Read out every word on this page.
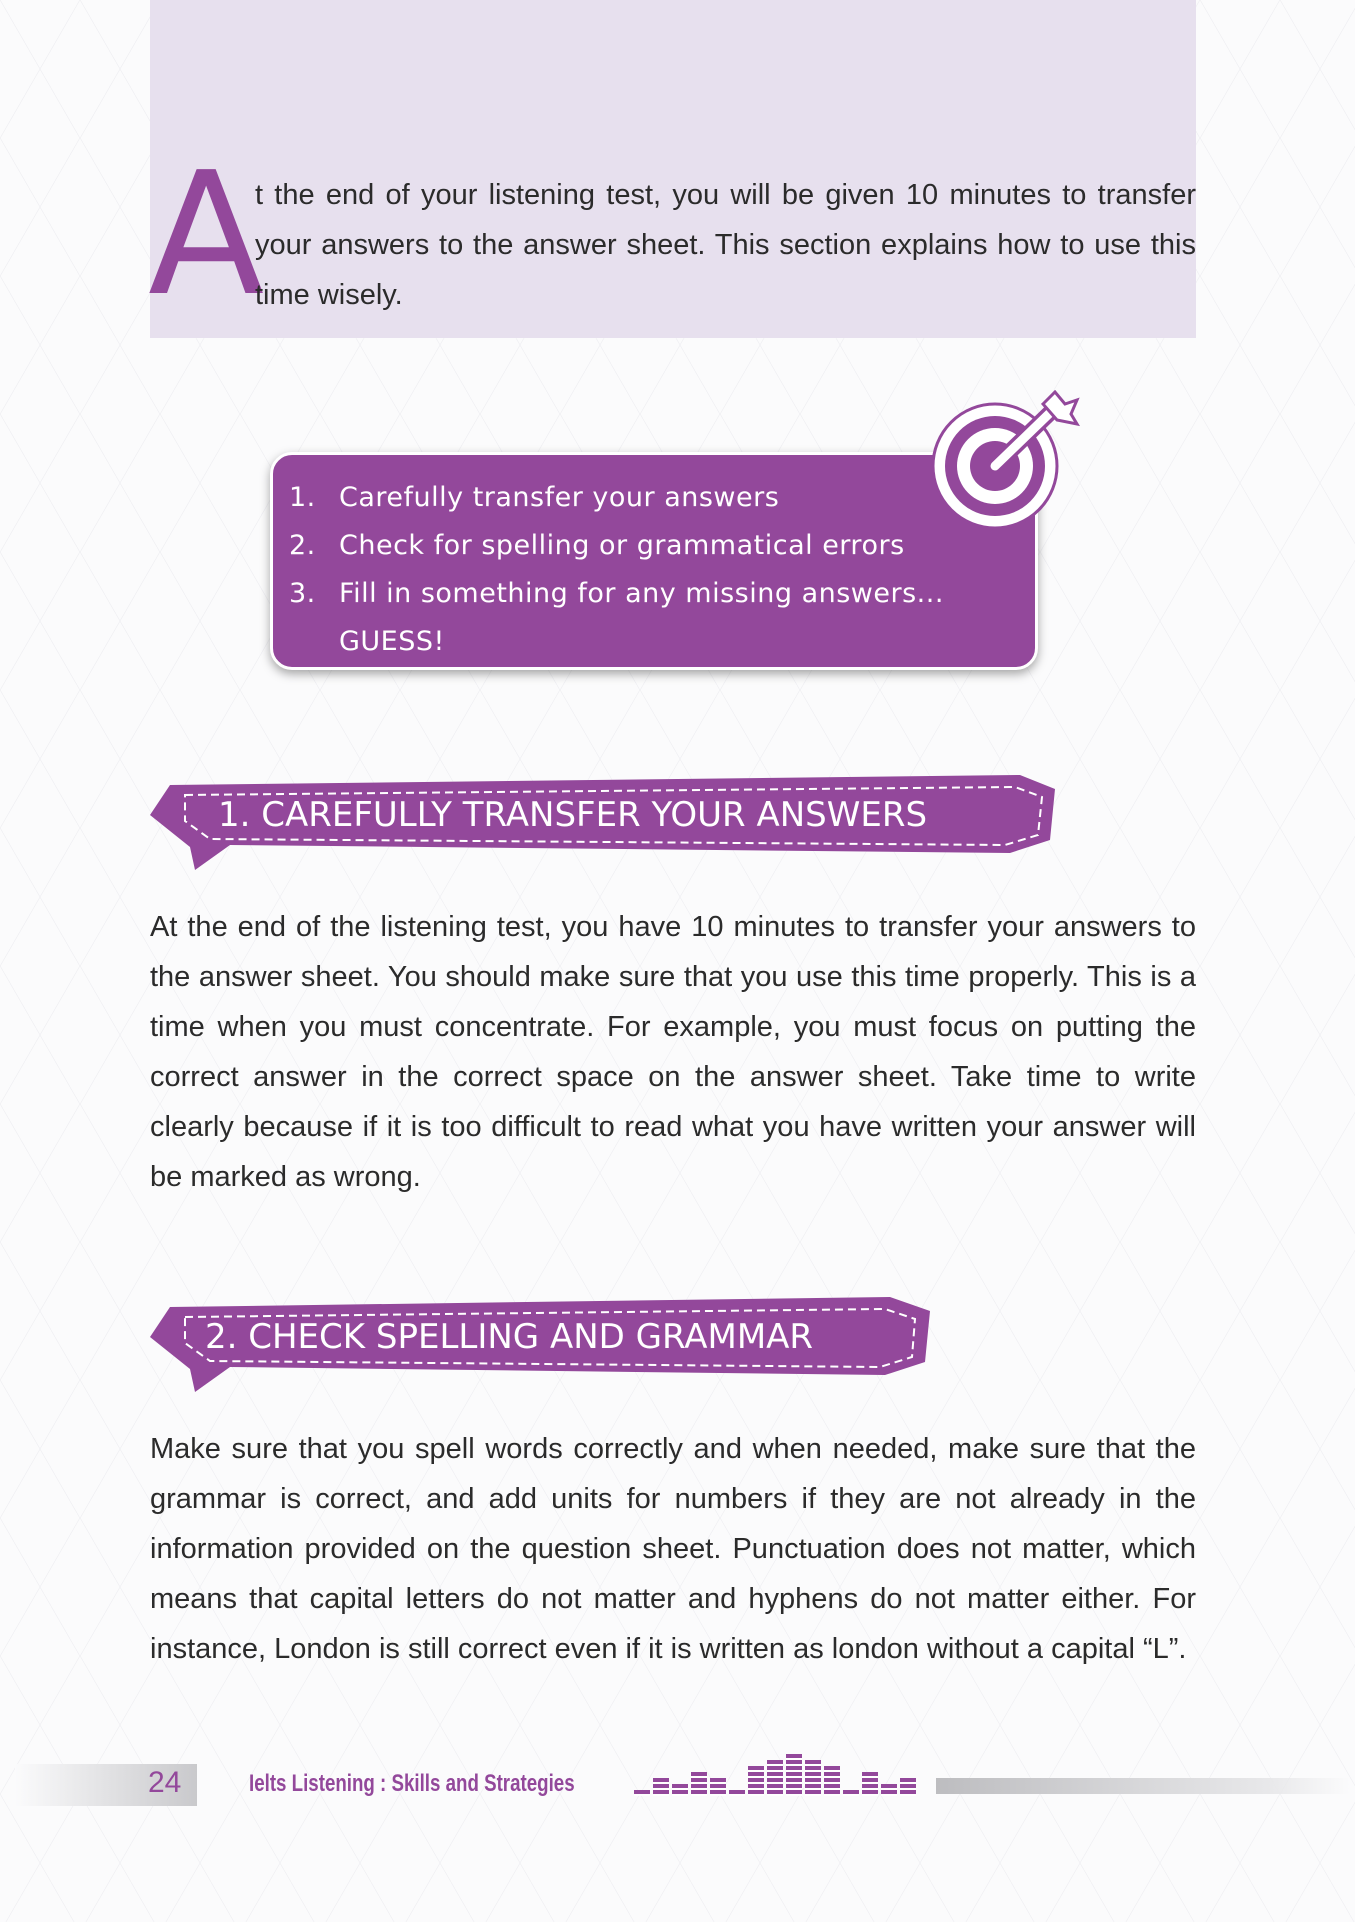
A
t the end of your listening test, you will be given 10 minutes to transfer your answers to the answer sheet. This section explains how to use this time wisely.
1. Carefully transfer your answers
2. Check for spelling or grammatical errors
3. Fill in something for any missing answers...
GUESS!
1. CAREFULLY TRANSFER YOUR ANSWERS
At the end of the listening test, you have 10 minutes to transfer your answers to the answer sheet. You should make sure that you use this time properly. This is a time when you must concentrate. For example, you must focus on putting the correct answer in the correct space on the answer sheet. Take time to write clearly because if it is too difficult to read what you have written your answer will be marked as wrong.
2. CHECK SPELLING AND GRAMMAR
Make sure that you spell words correctly and when needed, make sure that the grammar is correct, and add units for numbers if they are not already in the information provided on the question sheet. Punctuation does not matter, which means that capital letters do not matter and hyphens do not matter either. For instance, London is still correct even if it is written as london without a capital “L”.
24	Ielts Listening : Skills and Strategies
